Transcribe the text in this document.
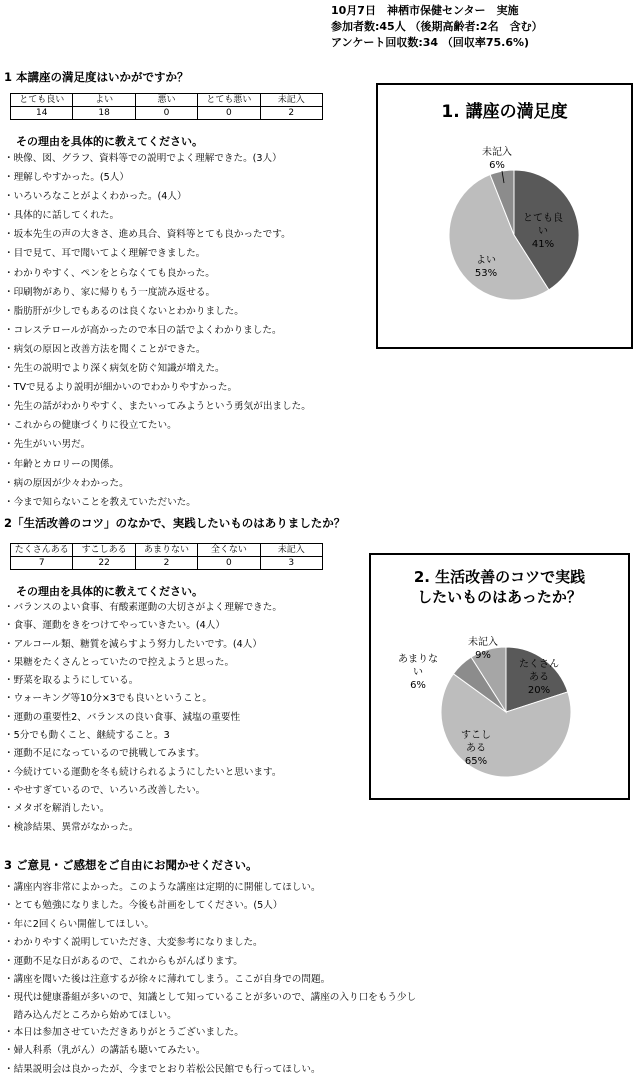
10月7日　神栖市保健センター　実施
参加者数:45人 （後期高齢者:2名　含む）
アンケート回収数:34 （回収率75.6%)
1 本講座の満足度はいかがですか？
とても良い	よい	悪い	とても悪い	未記入
14	18	0	0	2
その理由を具体的に教えてください。
・ 映像、図、グラフ、資料等での説明でよく理解できた。(3人）
・ 理解しやすかった。(5人）
・ いろいろなことがよくわかった。(4人）
・ 具体的に話してくれた。
・ 坂本先生の声の大きさ、進め具合、資料等とても良かったです。
・ 目で見て、耳で聞いてよく理解できました。
・ わかりやすく、ペンをとらなくても良かった。
・ 印刷物があり、家に帰りもう一度読み返せる。
・ 脂肪肝が少しでもあるのは良くないとわかりました。
・ コレステロールが高かったので本日の話でよくわかりました。
・ 病気の原因と改善方法を聞くことができた。
・ 先生の説明でより深く病気を防ぐ知識が増えた。
・ TVで見るより説明が細かいのでわかりやすかった。
・ 先生の話がわかりやすく、またいってみようという勇気が出ました。
・ これからの健康づくりに役立てたい。
・ 先生がいい男だ。
・ 年齢とカロリーの関係。
・ 病の原因が少々わかった。
・ 今まで知らないことを教えていただいた。
1. 講座の満足度
とても良い 41%
よい 53%
未記入 6%
2「生活改善のコツ」のなかで、実践したいものはありましたか？
たくさんある	すこしある	あまりない	全くない	未記入
7	22	2	0	3
その理由を具体的に教えてください。
・ バランスのよい食事、有酸素運動の大切さがよく理解できた。
・ 食事、運動をきをつけてやっていきたい。(4人）
・ アルコール類、糖質を減らすよう努力したいです。(4人）
・ 果糖をたくさんとっていたので控えようと思った。
・ 野菜を取るようにしている。
・ ウォーキング等10分×3でも良いということ。
・ 運動の重要性2、バランスの良い食事、減塩の重要性
・ 5分でも動くこと、継続すること。3
・ 運動不足になっているので挑戦してみます。
・ 今続けている運動を冬も続けられるようにしたいと思います。
・ やせすぎているので、いろいろ改善したい。
・ メタボを解消したい。
・ 検診結果、異常がなかった。
2. 生活改善のコツで実践
したいものはあったか？
たくさんある 20%
すこしある 65%
あまりない 6%
未記入 9%
3 ご意見・ご感想をご自由にお聞かせください。
・ 講座内容非常によかった。このような講座は定期的に開催してほしい。
・ とても勉強になりました。今後も計画をしてください。(5人）
・ 年に2回くらい開催してほしい。
・ わかりやすく説明していただき、大変参考になりました。
・ 運動不足な日があるので、これからもがんばります。
・ 講座を聞いた後は注意するが徐々に薄れてしまう。ここが自身での問題。
・ 現代は健康番組が多いので、知識として知っていることが多いので、講座の入り口をもう少し
踏み込んだところから始めてほしい。
・ 本日は参加させていただきありがとうございました。
・ 婦人科系（乳がん）の講話も聴いてみたい。
・ 結果説明会は良かったが、今までとおり若松公民館でも行ってほしい。
